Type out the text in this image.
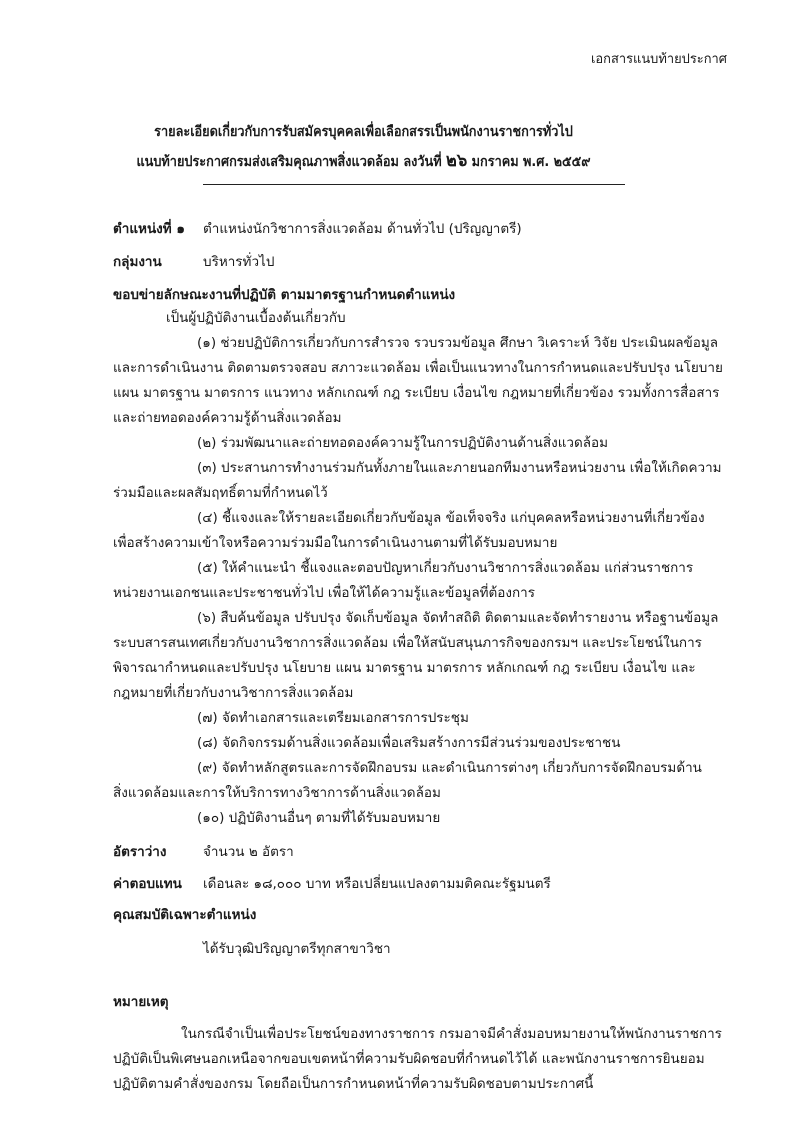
เอกสารแนบท้ายประกาศ
รายละเอียดเกี่ยวกับการรับสมัครบุคคลเพื่อเลือกสรรเป็นพนักงานราชการทั่วไป
แนบท้ายประกาศกรมส่งเสริมคุณภาพสิ่งแวดล้อม ลงวันที่ ๒๖ มกราคม พ.ศ. ๒๕๕๙
ตำแหน่งที่ ๑ ตำแหน่งนักวิชาการสิ่งแวดล้อม ด้านทั่วไป (ปริญญาตรี)
กลุ่มงาน	บริหารทั่วไป
ขอบข่ายลักษณะงานที่ปฏิบัติ ตามมาตรฐานกำหนดตำแหน่ง
เป็นผู้ปฏิบัติงานเบื้องต้นเกี่ยวกับ
(๑) ช่วยปฏิบัติการเกี่ยวกับการสำรวจ รวบรวมข้อมูล ศึกษา วิเคราะห์ วิจัย ประเมินผลข้อมูล
และการดำเนินงาน ติดตามตรวจสอบ สภาวะแวดล้อม เพื่อเป็นแนวทางในการกำหนดและปรับปรุง นโยบาย
แผน มาตรฐาน มาตรการ แนวทาง หลักเกณฑ์ กฎ ระเบียบ เงื่อนไข กฎหมายที่เกี่ยวข้อง รวมทั้งการสื่อสาร
และถ่ายทอดองค์ความรู้ด้านสิ่งแวดล้อม
(๒) ร่วมพัฒนาและถ่ายทอดองค์ความรู้ในการปฏิบัติงานด้านสิ่งแวดล้อม
(๓) ประสานการทำงานร่วมกันทั้งภายในและภายนอกทีมงานหรือหน่วยงาน เพื่อให้เกิดความ
ร่วมมือและผลสัมฤทธิ์ตามที่กำหนดไว้
(๔) ชี้แจงและให้รายละเอียดเกี่ยวกับข้อมูล ข้อเท็จจริง แก่บุคคลหรือหน่วยงานที่เกี่ยวข้อง
เพื่อสร้างความเข้าใจหรือความร่วมมือในการดำเนินงานตามที่ได้รับมอบหมาย
(๕) ให้คำแนะนำ ชี้แจงและตอบปัญหาเกี่ยวกับงานวิชาการสิ่งแวดล้อม แก่ส่วนราชการ
หน่วยงานเอกชนและประชาชนทั่วไป เพื่อให้ได้ความรู้และข้อมูลที่ต้องการ
(๖) สืบค้นข้อมูล ปรับปรุง จัดเก็บข้อมูล จัดทำสถิติ ติดตามและจัดทำรายงาน หรือฐานข้อมูล
ระบบสารสนเทศเกี่ยวกับงานวิชาการสิ่งแวดล้อม เพื่อให้สนับสนุนภารกิจของกรมฯ และประโยชน์ในการ
พิจารณากำหนดและปรับปรุง นโยบาย แผน มาตรฐาน มาตรการ หลักเกณฑ์ กฎ ระเบียบ เงื่อนไข และ
กฎหมายที่เกี่ยวกับงานวิชาการสิ่งแวดล้อม
(๗) จัดทำเอกสารและเตรียมเอกสารการประชุม
(๘) จัดกิจกรรมด้านสิ่งแวดล้อมเพื่อเสริมสร้างการมีส่วนร่วมของประชาชน
(๙) จัดทำหลักสูตรและการจัดฝึกอบรม และดำเนินการต่างๆ เกี่ยวกับการจัดฝึกอบรมด้าน
สิ่งแวดล้อมและการให้บริการทางวิชาการด้านสิ่งแวดล้อม
(๑๐) ปฏิบัติงานอื่นๆ ตามที่ได้รับมอบหมาย
อัตราว่าง	จำนวน ๒ อัตรา
ค่าตอบแทน เดือนละ ๑๘,๐๐๐ บาท หรือเปลี่ยนแปลงตามมติคณะรัฐมนตรี
คุณสมบัติเฉพาะตำแหน่ง
ได้รับวุฒิปริญญาตรีทุกสาขาวิชา
หมายเหตุ
ในกรณีจำเป็นเพื่อประโยชน์ของทางราชการ กรมอาจมีคำสั่งมอบหมายงานให้พนักงานราชการ
ปฏิบัติเป็นพิเศษนอกเหนือจากขอบเขตหน้าที่ความรับผิดชอบที่กำหนดไว้ได้ และพนักงานราชการยินยอม
ปฏิบัติตามคำสั่งของกรม โดยถือเป็นการกำหนดหน้าที่ความรับผิดชอบตามประกาศนี้
